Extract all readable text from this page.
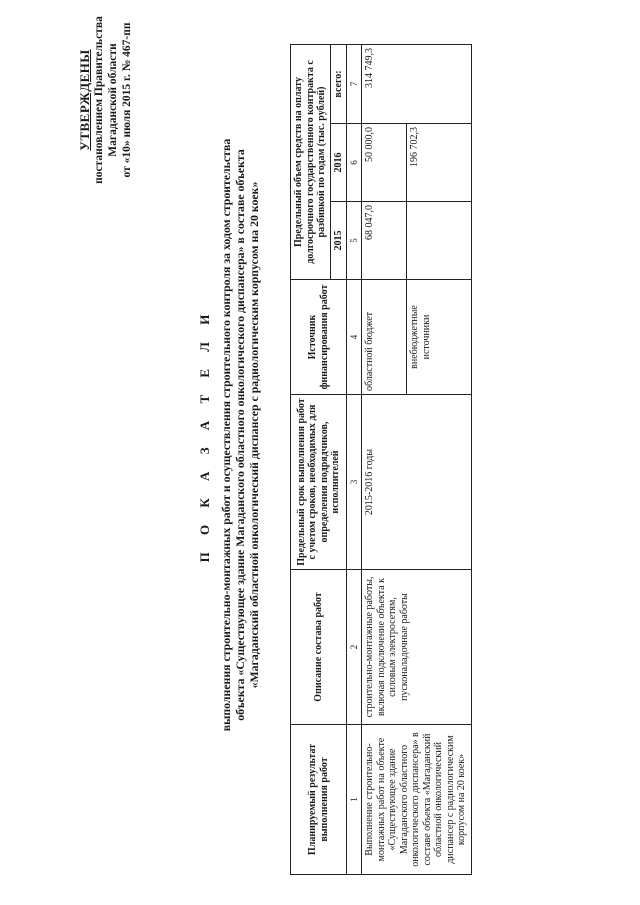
УТВЕРЖДЕНЫ постановлением Правительства Магаданской области от «10» июля 2015 г. № 467-пп
П О К А З А Т Е Л И выполнения строительно-монтажных работ и осуществления строительного контроля за ходом строительства объекта «Существующее здание Магаданского областного онкологического диспансера» в составе объекта «Магаданский областной онкологический диспансер с радиологическим корпусом на 20 коек»
Планируемый результат выполнения работ	Описание состава работ	Предельный срок выполнения работ с учетом сроков, необходимых для определения подрядчиков, исполнителей	Источник финансирования работ	Предельный объем средств на оплату долгосрочного государственного контракта с разбивкой по годам (тыс. рублей)		
				2015	2016	всего:
1	2	3	4	5	6	7
Выполнение строительно-монтажных работ на объекте «Существующее здание Магаданского областного онкологического диспансера» в составе объекта «Магаданский областной онкологический диспансер с радиологическим корпусом на 20 коек»	строительно-монтажные работы, включая подключение объекта к силовым электросетям, пусконаладочные работы	2015-2016 годы	областной бюджет	68 047,0	50 000,0	314 749,3
			внебюджетные источники		196 702,3	
